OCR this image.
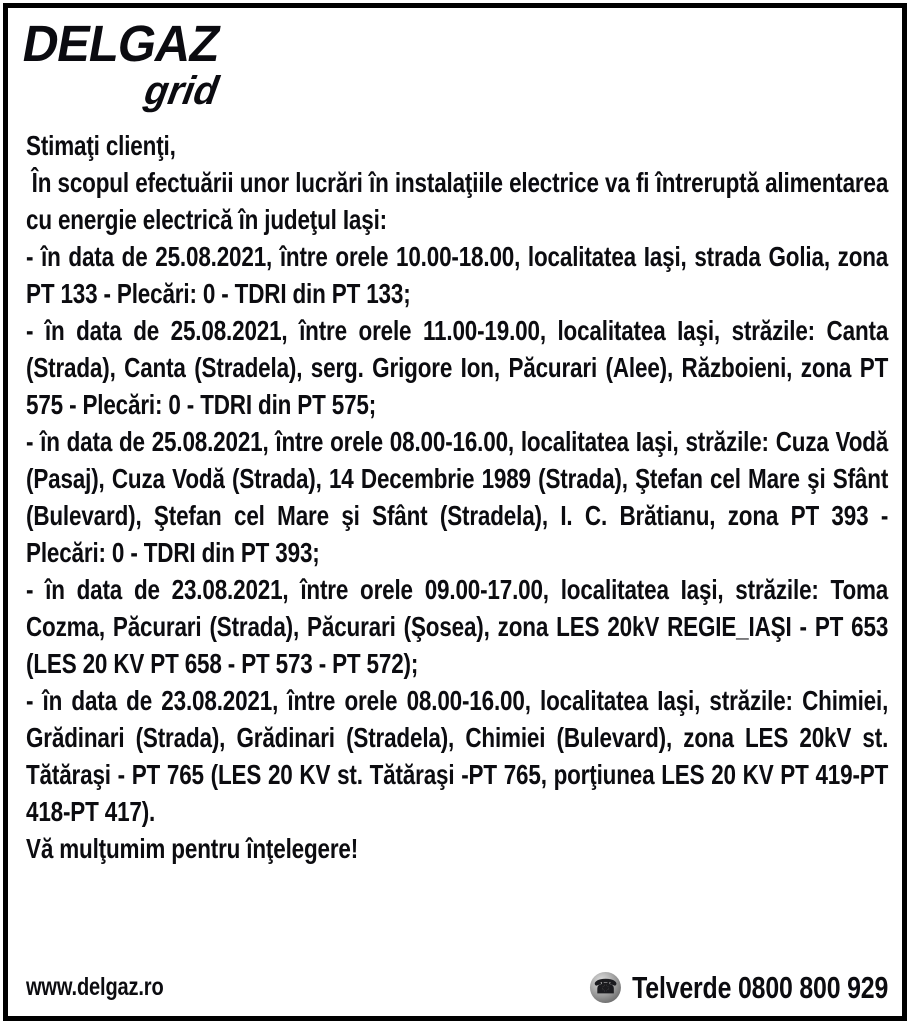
DELGAZ
grid

Stimaţi clienţi,

În scopul efectuării unor lucrări în instalaţiile electrice va fi întreruptă alimentarea cu energie electrică în judeţul Iaşi:

- în data de 25.08.2021, între orele 10.00-18.00, localitatea Iaşi, strada Golia, zona PT 133 - Plecări: 0 - TDRI din PT 133;

- în data de 25.08.2021, între orele 11.00-19.00, localitatea Iaşi, străzile: Canta (Strada), Canta (Stradela), serg. Grigore Ion, Păcurari (Alee), Războieni, zona PT 575 - Plecări: 0 - TDRI din PT 575;

- în data de 25.08.2021, între orele 08.00-16.00, localitatea Iaşi, străzile: Cuza Vodă (Pasaj), Cuza Vodă (Strada), 14 Decembrie 1989 (Strada), Ştefan cel Mare şi Sfânt (Bulevard), Ştefan cel Mare şi Sfânt (Stradela), I. C. Brătianu, zona PT 393 - Plecări: 0 - TDRI din PT 393;

- în data de 23.08.2021, între orele 09.00-17.00, localitatea Iaşi, străzile: Toma Cozma, Păcurari (Strada), Păcurari (Şosea), zona LES 20kV REGIE_IAŞI - PT 653 (LES 20 KV PT 658 - PT 573 - PT 572);

- în data de 23.08.2021, între orele 08.00-16.00, localitatea Iaşi, străzile: Chimiei, Grădinari (Strada), Grădinari (Stradela), Chimiei (Bulevard), zona LES 20kV st. Tătăraşi - PT 765 (LES 20 KV st. Tătăraşi -PT 765, porţiunea LES 20 KV PT 419-PT 418-PT 417).

Vă mulţumim pentru înţelegere!

www.delgaz.ro	☎ Telverde 0800 800 929
